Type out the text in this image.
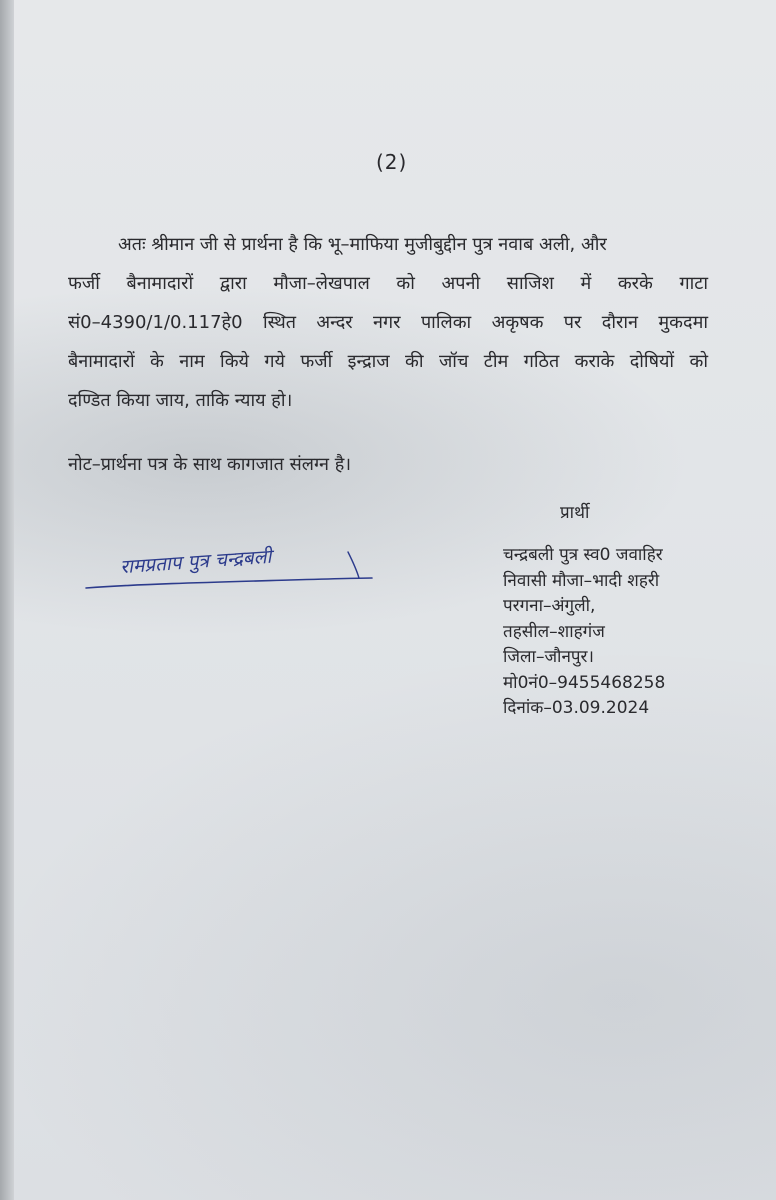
(2)
अतः श्रीमान जी से प्रार्थना है कि भू–माफिया मुजीबुद्दीन पुत्र नवाब अली, और
फर्जी बैनामादारों द्वारा मौजा–लेखपाल को अपनी साजिश में करके गाटा
सं0–4390/1/0.117हे0 स्थित अन्दर नगर पालिका अकृषक पर दौरान मुकदमा
बैनामादारों के नाम किये गये फर्जी इन्द्राज की जॉच टीम गठित कराके दोषियों को
दण्डित किया जाय, ताकि न्याय हो।
नोट–प्रार्थना पत्र के साथ कागजात संलग्न है।
प्रार्थी
रामप्रताप पुत्र चन्द्रबली	चन्द्रबली पुत्र स्व0 जवाहिर
निवासी मौजा–भादी शहरी
परगना–अंगुली,
तहसील–शाहगंज
जिला–जौनपुर।
मो0नं0–9455468258
दिनांक–03.09.2024
